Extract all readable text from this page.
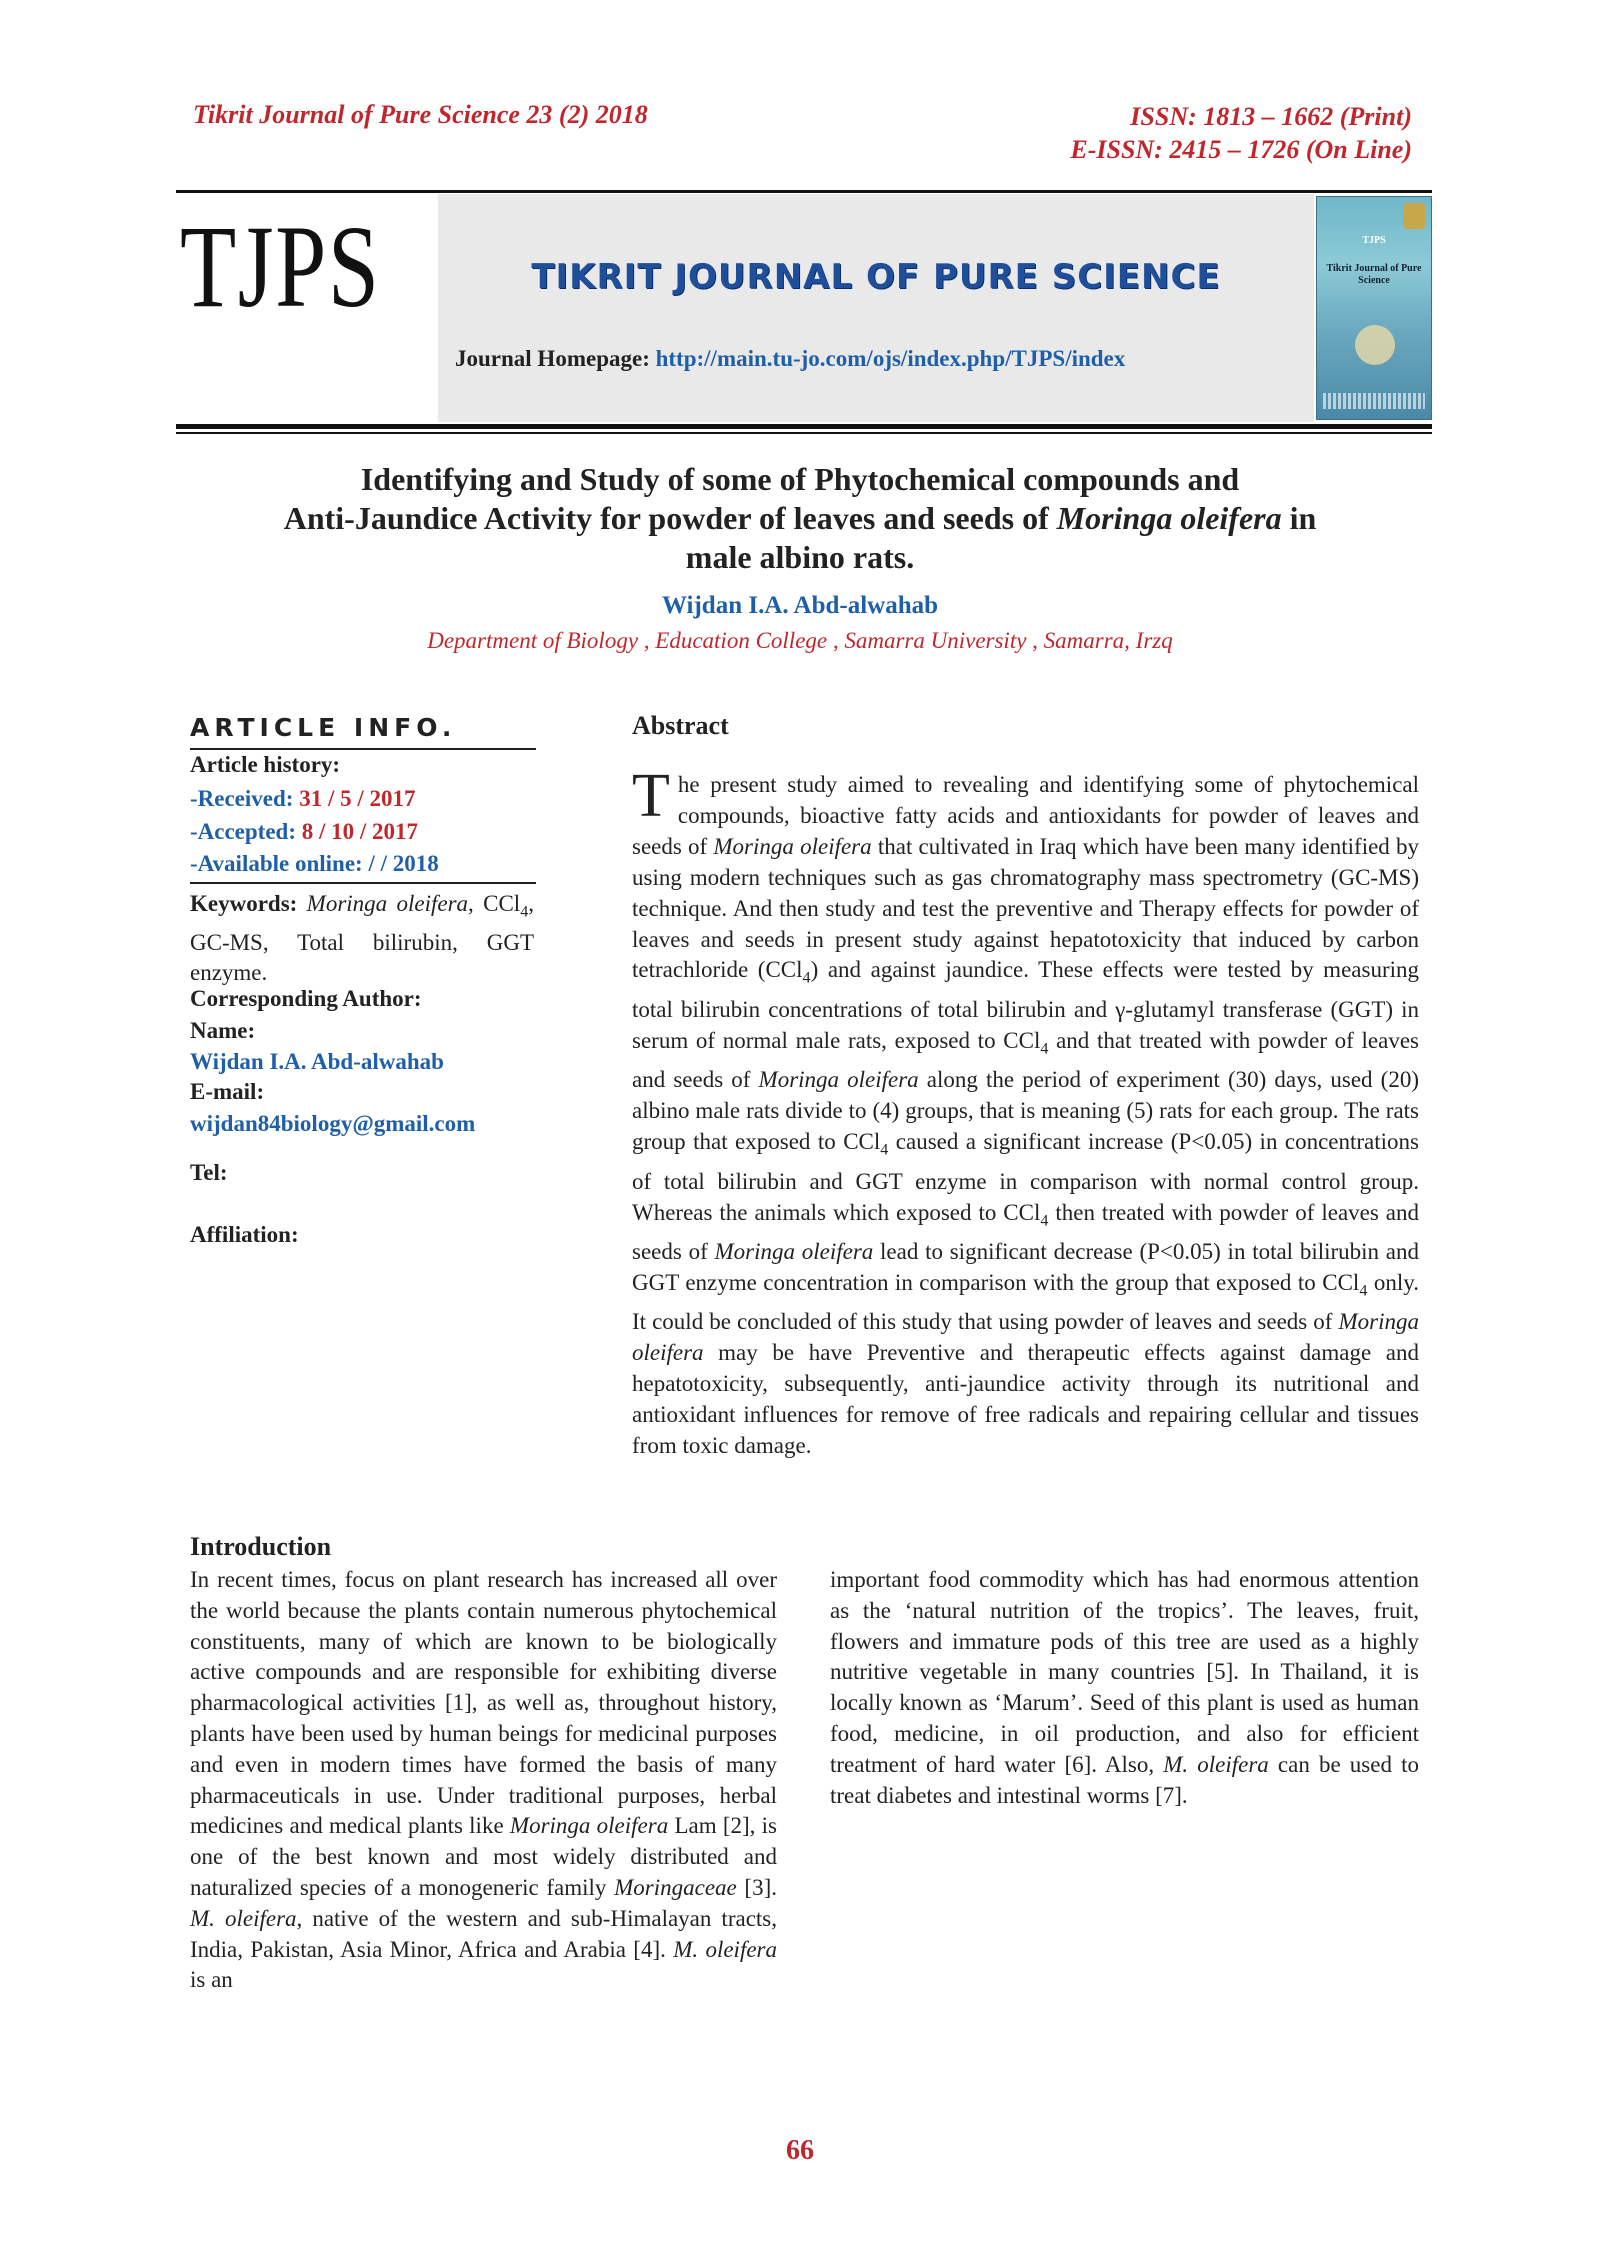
Tikrit Journal of Pure Science 23 (2) 2018	ISSN: 1813 – 1662 (Print)
E-ISSN: 2415 – 1726 (On Line)
TJPS	TIKRIT JOURNAL OF PURE SCIENCE
Journal Homepage: http://main.tu-jo.com/ojs/index.php/TJPS/index
TJPS
Tikrit Journal of Pure Science
Identifying and Study of some of Phytochemical compounds and
Anti-Jaundice Activity for powder of leaves and seeds of Moringa oleifera in
male albino rats.
Wijdan I.A. Abd-alwahab
Department of Biology , Education College , Samarra University , Samarra, Irzq
ARTICLE INFO.
Article history:
-Received: 31 / 5 / 2017
-Accepted: 8 / 10 / 2017
-Available online: / / 2018
Keywords: Moringa oleifera, CCl$_4$, GC-MS, Total bilirubin, GGT enzyme.
Corresponding Author:
Name:
Wijdan I.A. Abd-alwahab
E-mail:
wijdan84biology@gmail.com
Tel:
Affiliation:
Abstract
The present study aimed to revealing and identifying some of phytochemical compounds, bioactive fatty acids and antioxidants for powder of leaves and seeds of Moringa oleifera that cultivated in Iraq which have been many identified by using modern techniques such as gas chromatography mass spectrometry (GC-MS) technique. And then study and test the preventive and Therapy effects for powder of leaves and seeds in present study against hepatotoxicity that induced by carbon tetrachloride (CCl$_4$) and against jaundice. These effects were tested by measuring total bilirubin concentrations of total bilirubin and γ-glutamyl transferase (GGT) in serum of normal male rats, exposed to CCl$_4$ and that treated with powder of leaves and seeds of Moringa oleifera along the period of experiment (30) days, used (20) albino male rats divide to (4) groups, that is meaning (5) rats for each group. The rats group that exposed to CCl$_4$ caused a significant increase (P<0.05) in concentrations of total bilirubin and GGT enzyme in comparison with normal control group. Whereas the animals which exposed to CCl$_4$ then treated with powder of leaves and seeds of Moringa oleifera lead to significant decrease (P<0.05) in total bilirubin and GGT enzyme concentration in comparison with the group that exposed to CCl$_4$ only. It could be concluded of this study that using powder of leaves and seeds of Moringa oleifera may be have Preventive and therapeutic effects against damage and hepatotoxicity, subsequently, anti-jaundice activity through its nutritional and antioxidant influences for remove of free radicals and repairing cellular and tissues from toxic damage.
Introduction
In recent times, focus on plant research has increased all over the world because the plants contain numerous phytochemical constituents, many of which are known to be biologically active compounds and are responsible for exhibiting diverse pharmacological activities [1], as well as, throughout history, plants have been used by human beings for medicinal purposes and even in modern times have formed the basis of many pharmaceuticals in use. Under traditional purposes, herbal medicines and medical plants like Moringa oleifera Lam [2], is one of the best known and most widely distributed and naturalized species of a monogeneric family Moringaceae [3]. M. oleifera, native of the western and sub-Himalayan tracts, India, Pakistan, Asia Minor, Africa and Arabia [4]. M. oleifera is an
important food commodity which has had enormous attention as the ‘natural nutrition of the tropics’. The leaves, fruit, flowers and immature pods of this tree are used as a highly nutritive vegetable in many countries [5]. In Thailand, it is locally known as ‘Marum’. Seed of this plant is used as human food, medicine, in oil production, and also for efficient treatment of hard water [6]. Also, M. oleifera can be used to treat diabetes and intestinal worms [7].
66
